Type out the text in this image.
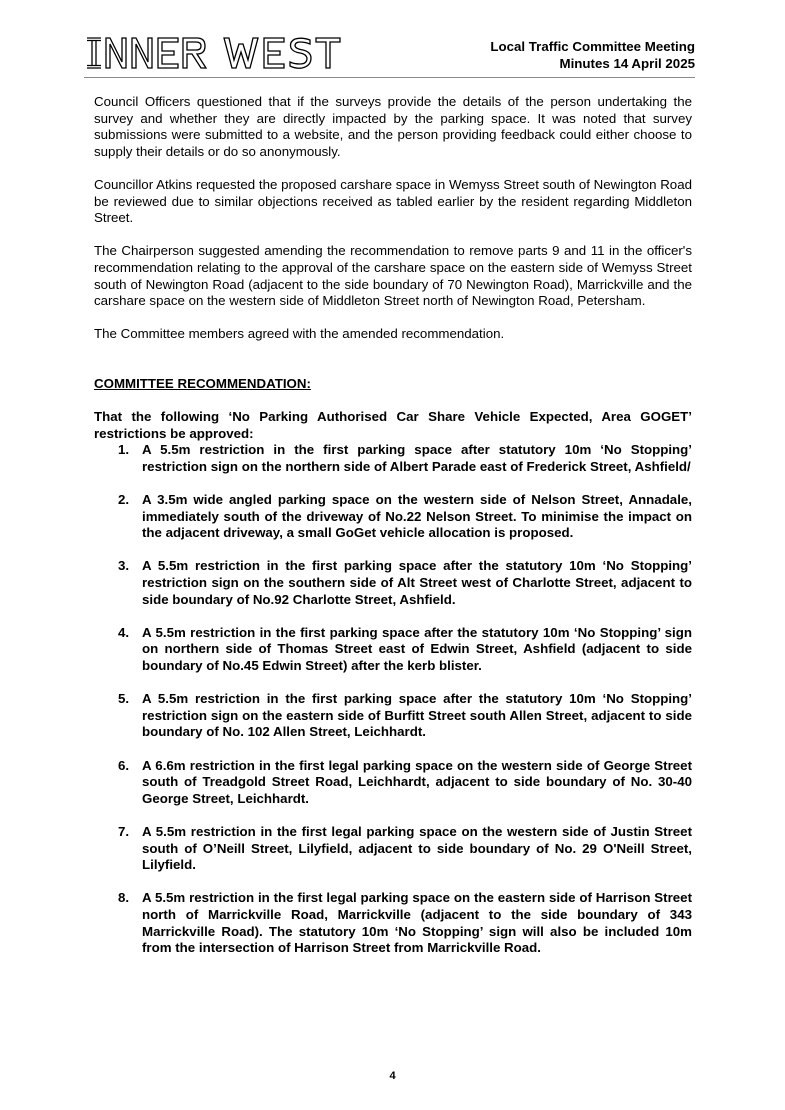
Local Traffic Committee Meeting
Minutes 14 April 2025

Council Officers questioned that if the surveys provide the details of the person undertaking the survey and whether they are directly impacted by the parking space. It was noted that survey submissions were submitted to a website, and the person providing feedback could either choose to supply their details or do so anonymously.

Councillor Atkins requested the proposed carshare space in Wemyss Street south of Newington Road be reviewed due to similar objections received as tabled earlier by the resident regarding Middleton Street.

The Chairperson suggested amending the recommendation to remove parts 9 and 11 in the officer's recommendation relating to the approval of the carshare space on the eastern side of Wemyss Street south of Newington Road (adjacent to the side boundary of 70 Newington Road), Marrickville and the carshare space on the western side of Middleton Street north of Newington Road, Petersham.

The Committee members agreed with the amended recommendation.

COMMITTEE RECOMMENDATION:
That the following ‘No Parking Authorised Car Share Vehicle Expected, Area GOGET’ restrictions be approved:
1. A 5.5m restriction in the first parking space after statutory 10m ‘No Stopping’ restriction sign on the northern side of Albert Parade east of Frederick Street, Ashfield/
2. A 3.5m wide angled parking space on the western side of Nelson Street, Annadale, immediately south of the driveway of No.22 Nelson Street. To minimise the impact on the adjacent driveway, a small GoGet vehicle allocation is proposed.
3. A 5.5m restriction in the first parking space after the statutory 10m ‘No Stopping’ restriction sign on the southern side of Alt Street west of Charlotte Street, adjacent to side boundary of No.92 Charlotte Street, Ashfield.
4. A 5.5m restriction in the first parking space after the statutory 10m ‘No Stopping’ sign on northern side of Thomas Street east of Edwin Street, Ashfield (adjacent to side boundary of No.45 Edwin Street) after the kerb blister.
5. A 5.5m restriction in the first parking space after the statutory 10m ‘No Stopping’ restriction sign on the eastern side of Burfitt Street south Allen Street, adjacent to side boundary of No. 102 Allen Street, Leichhardt.
6. A 6.6m restriction in the first legal parking space on the western side of George Street south of Treadgold Street Road, Leichhardt, adjacent to side boundary of No. 30-40 George Street, Leichhardt.
7. A 5.5m restriction in the first legal parking space on the western side of Justin Street south of O’Neill Street, Lilyfield, adjacent to side boundary of No. 29 O'Neill Street, Lilyfield.
8. A 5.5m restriction in the first legal parking space on the eastern side of Harrison Street north of Marrickville Road, Marrickville (adjacent to the side boundary of 343 Marrickville Road). The statutory 10m ‘No Stopping’ sign will also be included 10m from the intersection of Harrison Street from Marrickville Road.
4
